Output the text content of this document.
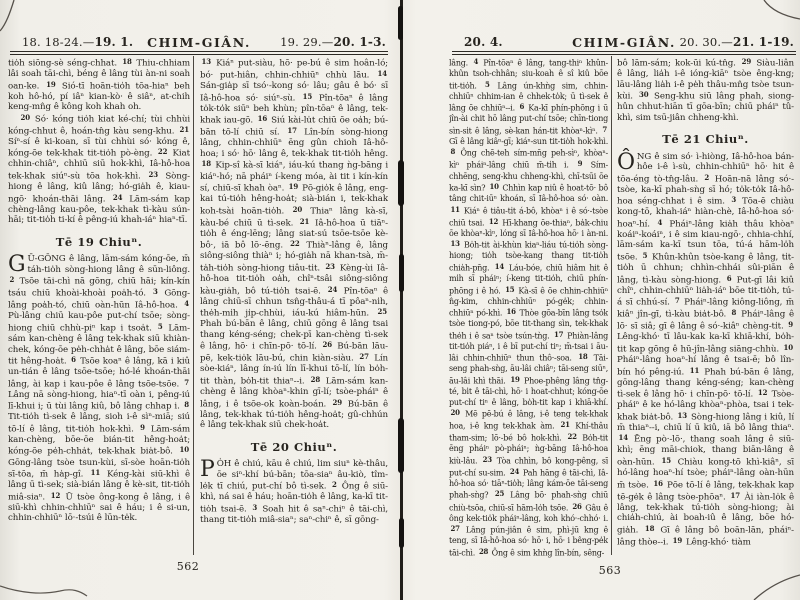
18. 18-24.—19. 1.	CHIM-GIÂN.	19. 29.—20. 1-3.	20. 4.	CHIM-GIÂN. 20. 30.—21. 1-19.

tio̍h siōng-sè séng-chhat. 18 Thiu-chhiam lâi soah tāi-chì, béng ê lâng tùi àn-ni soah oan-ke. 19 Sió-tī hoān-tio̍h tōa-hiaⁿ beh koh hô-hó, pí iâⁿ kian-kò· ê siâⁿ, at-chih keng-mn̂g ê kông koh khah oh.

20 Só· kóng tio̍h kiat ké-chí; tùi chhùi kóng-chhut ê, hoán-tn̂g kàu seng-khu. 21 Síⁿ-sí ê ki-koan, sī tùi chhùi só· kóng ê, kóng-ōe tek-khak tit-tio̍h pò-èng. 22 Kiat chhin-chiâⁿ, chhiū siū hok-khì, Iâ-hô-hoa tek-khak siúⁿ-sù tōa hok-khì. 23 Sòng-hiong ê lâng, kiû lâng; hó-gia̍h ê, kiau-ngō· khoán-thāi lâng. 24 Lām-sám kap chèng-lâng kau-pôe, tek-khak tì-kàu sún-hāi; tit-tio̍h ti-kí ê pêng-iú khah-iáⁿ hiaⁿ-tī.

Tē 19 Chiuⁿ.

G Ū-GŌNG ê lâng, lām-sám kóng-ōe, m̄ táh-tio̍h sòng-hiong lâng ê sūn-liông. 2 Tsōe tāi-chì nā gōng, chiū hāi; kín-kín tsáu chiū khoài-khoài poa̍h-tó. 3 Gōng-lâng poa̍h-tó, chiū oàn-hūn Iâ-hô-hoa. 4 Pù-lâng chiū kau-pôe put-chí tsōe; sòng-hiong chiū chhù-piⁿ kap i tsoa̍t. 5 Lām-sám kan-chèng ê lâng tek-khak siū khiàn-chek, kóng-ōe pe̍h-chha̍t ê lâng, bōe siám-tit hêng-hoa̍t. 6 Tsōe koaⁿ ê lâng, kā i kiû un-tián ê lâng tsōe-tsōe; hó-lé khoán-thāi lâng, ài kap i kau-pôe ê lâng tsōe-tsōe. 7 Lâng nā sòng-hiong, hiaⁿ-tī oàn i, pêng-iú lī-khui i; ū tùi lâng kiû, bô lâng chhap i. 8 Tit-tio̍h tì-sek ê lâng, sioh i-ê sìⁿ-miā; siú tō-lí ê lâng, tit-tio̍h hok-khì. 9 Lām-sám kan-chèng, bōe-ōe bián-tit hêng-hoa̍t; kóng-ōe pe̍h-chha̍t, tek-khak bia̍t-bô. 10 Gōng-lâng tsòe tsun-kùi, sī-sòe hoān-tio̍h sī-tōa, m̄ ha̍p-gî. 11 Kéng-kài siū-khì ê lâng ū tì-sek; sià-bián lâng ê kè-sit, tit-tio̍h miâ-siaⁿ. 12 Ū tsòe ông-kong ê lâng, i ê siū-khì chhin-chhiūⁿ sai ê háu; i ê si-un, chhin-chhiūⁿ lō·-tsúi ê lūn-te̍k.

13 Kiáⁿ put-siàu, hō· pe-bú ê sim hoân-ló; bó· put-hiân, chhin-chhiūⁿ chhù lāu. 14 Sán-gia̍p sī tsó·-kong só· lâu; gâu ê bó· sī Iâ-hô-hoa só· siúⁿ-sù. 15 Pîn-tōaⁿ ê lâng to̍k-to̍k siūⁿ beh khùn; pîn-tōaⁿ ê lâng, tek-khak iau-gō. 16 Siú kài-lu̍t chiū ōe oa̍h; bú-bān tō-lí chiū sí. 17 Lîn-bín sòng-hiong lâng, chhin-chhiūⁿ ēng gûn chioh Iâ-hô-hoa; i só· hō· lâng ê, tek-khak tit-tio̍h hêng. 18 Kip-sî kà-sī kiáⁿ, iáu-kú thang ǹg-bāng i kiáⁿ-hó; nā pháiⁿ í-keng móa, ài tit i kín-kín sí, chiū-sī khah òaⁿ. 19 Pō-gio̍k ê lâng, eng-kai tú-tio̍h hêng-hoa̍t; sià-bián i, tek-khak koh-tsài hoān-tio̍h. 20 Thiaⁿ lâng kà-sī, kàu-bé chiū ū tì-sek. 21 Iâ-hô-hoa ū tiāⁿ-tio̍h ê éng-lēng; lâng siat-sú tsōe-tsōe kè-bô·, iā bô lō·-ēng. 22 Thiàⁿ-lâng ê, lâng siông-siông thiàⁿ i; hó-gia̍h nā khan-tsà, m̄-ta̍h-tio̍h sòng-hiong tiâu-ti̍t. 23 Kèng-ùi Iâ-hô-hoa tit-tio̍h oa̍h, chîⁿ-tsâi siông-siông kàu-gia̍h, bô tú-tio̍h tsai-ē. 24 Pîn-tōaⁿ ê lâng chiū-sī chhun tsn̂g-thâu-á tī pôaⁿ-ni̍h, the̍h-mi̍h ji̍p-chhùi, iáu-kú hiâm-hūn. 25 Phah bú-bān ê lâng, chiū gōng ê lâng tsai thang kéng-séng; chek-pī kan-chèng tì-sek ê lâng, hō· i chīn-pō· tō-lí. 26 Bú-bān lāu-pē, kek-tio̍k lāu-bú, chin kiàn-siàu. 27 Lín sòe-kiáⁿ, lâng ín-iú lín lī-khui tō-lí, lín bo̍h-tit thàn, bo̍h-tit thiaⁿ--i. 28 Lām-sám kan-chèng ê lâng khòaⁿ-khin gī-lí; tsòe-pháiⁿ ê lâng, i ê tsōe-ok koàn-boán. 29 Bú-bān ê lâng, tek-khak tú-tio̍h hêng-hoa̍t; gû-chhún ê lâng tek-khak siū chek-hoa̍t.

Tē 20 Chiuⁿ.

PO̍H ê chiú, kāu ê chiú, lim siuⁿ kè-thâu, ōe siⁿ-khí bú-bān; tōa-siaⁿ âu-kiò, tîm-le̍k tī chiú, put-chí bô tì-sek. 2 Ông ê siū-khì, ná sai ê háu; hoān-tio̍h ê lâng, ka-kī tit-tio̍h tsai-ē. 3 Soah hit ê saⁿ-chiⁿ ê tāi-chì, thang tit-tio̍h miâ-siaⁿ; saⁿ-chiⁿ ê, sī gōng-

lâng. 4 Pîn-tōaⁿ ê lâng, tang-thiⁿ khûn-khûn tsoh-chhân; siu-koah ê sî kiû bōe tit-tio̍h. 5 Lâng ún-khǹg sim, chhin-chhiūⁿ chhim-ian ê chhek-to̍k; ū tì-sek ê lâng ōe chhiūⁿ--i. 6 Ka-kī phín-phōng i ū jîn-ài chit hō lâng put-chí tsōe; chīn-tiong sìn-si̍t ê lâng, sè-kan hán-tit khòaⁿ-kìⁿ. 7 Gī ê lâng kiâⁿ-gī; kiáⁿ-sun tit-tio̍h hok-khì. 8 Ông chē-teh sím-mn̄g peh-sìⁿ, khòaⁿ-kìⁿ pháiⁿ-lâng chiū m̄-ti̍h i. 9 Sím-chhēng, seng-khu chheng-khì, chī-tsūi ōe ka-kī sìn? 10 Chhìn kap niû ê hoat-tō· bô tâng chit-iūⁿ khoán, sī Iâ-hô-hoa só· oàn. 11 Kiáⁿ ê tiâu-ti̍t á-bô, khòaⁿ i ê só·-tsòe chiū tsai. 12 Hī-khang ōe-thiaⁿ, ba̍k-chiu ōe khòaⁿ-kìⁿ, lóng sī Iâ-hô-hoa hō· i àn-ni. 13 Bo̍h-tit ài-khùn kiaⁿ-liáu tú-tio̍h sòng-hiong; tio̍h tsòe-kang thang tit-tio̍h chia̍h-pn̄g. 14 Láu-bóe, chiū hiâm hit ê mi̍h sī pháiⁿ; í-keng tit-tio̍h, chiū phín-phōng i ê hó. 15 Kà-sī ê ōe chhin-chhiūⁿ n̂g-kim, chhin-chhiūⁿ pó-ge̍k; chhin-chhiūⁿ pó-khì. 16 Thòe gōa-bīn lâng tso̍k tsòe tiong-pó, bōe tit-thang sìn, tek-khak the̍h i ê saⁿ tsòe tsún-tǹg. 17 Phiàn-lâng tit-tio̍h piáⁿ, i ê bī put-chí tiⁿ; m̄-tsai i āu-lâi chhin-chhiūⁿ thun thô·-soa. 18 Tāi-seng phah-sǹg, āu-lâi chiâⁿ; tāi-seng siūⁿ, āu-lâi khì thāi. 19 Phoe-phêng lâng tn̂g-té, bi̍t ê tāi-chì, hō· i hoat-chhut; kóng-ōe put-chí tiⁿ ê lâng, bo̍h-tit kap i khiā-khí. 20 Mē pē-bú ê lâng, i-ê teng tek-khak hoa, i-ê kng tek-khak àm. 21 Khí-thâu tham-sim; lō·-bé bô hok-khì. 22 Bo̍h-tit ēng pháiⁿ pò-pháiⁿ; ǹg-bāng Iâ-hô-hoa kiù-lâu. 23 Tòa chhìn, bô kong-pêng, sī put-chí su-sim. 24 Pah hāng ê tāi-chì, Iâ-hô-hoa só· tiāⁿ-tio̍h; lâng kám-ōe tāi-seng phah-sǹg? 25 Lâng bō· phah-sǹg chiū chiù-tsōa, chiū-sī hām-lo̍h tsōe. 26 Gâu ê ông kek-tio̍k pháiⁿ-lâng, koh khó·-chhó· i. 27 Lâng pún-jiân ê sim, phì-jū kng ê teng, sī Iâ-hô-hoa só· hō· i, hō· i bêng-pe̍k tāi-chì. 28 Ông ê sim khǹg lîn-bín, sêng-

bô lām-sám; kok-ūi kú-tn̂g. 29 Siàu-liân ê lâng, lia̍h i-ê ióng-kiāⁿ tsòe êng-kng; lāu-lâng lia̍h i-ê pe̍h thâu-mn̂g tsòe tsun-kùi. 30 Seng-khu siū lâng phah, siong-hûn chhut-hiān tī gōa-bīn; chiū pháiⁿ tû-khì, sim tsū-jiân chheng-khì.

Tē 21 Chiuⁿ.

ÔNG ê sim só· ì-hiòng, Iâ-hô-hoa bán-hôe i-ê ì-sù, chhin-chhiūⁿ hō· hit ê tōa-éng tò-tn̂g-lâu. 2 Hoān-nā lâng só·-tsòe, ka-kī phah-sǹg sī hó; to̍k-to̍k Iâ-hô-hoa séng-chhat i ê sim. 3 Tōa-ē chiàu kong-tō, khah-iáⁿ hiàn-chè, Iâ-hô-hoa só· hoaⁿ-hí. 4 Pháiⁿ-lâng kia̍h thâu khòaⁿ koáiⁿ-koáiⁿ, i ê sim kiau-ngō·, chhia-chhí, lām-sám ka-kī tsun tōa, tú-á hām-lo̍h tsōe. 5 Khûn-khûn tsòe-kang ê lâng, ti̍t-tio̍h ū chhun; chhìn-chhái sûi-piān ê lâng, tì-kàu sòng-hiong. 6 Put-gī lâi kiû chîⁿ, chhin-chhiūⁿ lia̍h-iáⁿ bōe tit-tio̍h, tú-á sī chhú-sí. 7 Pháiⁿ-lâng kiông-liông, m̄ kiâⁿ jîn-gī, tì-kàu bia̍t-bô. 8 Pháiⁿ-lâng ê lō· sī siâ; gī ê lâng ê só·-kiâⁿ chèng-ti̍t. 9 Lêng-khó· tī lâu-kak ka-kī khiā-khí, bo̍h-tit kap gōng ê hū-jîn-lâng siāng-chhù. 10 Pháiⁿ-lâng hoaⁿ-hí lâng ê tsai-ē; bô lîn-bín hó pêng-iú. 11 Phah bú-bān ê lâng, gōng-lâng thang kéng-séng; kan-chèng tì-sek ê lâng hō· i chīn-pō· tō-lí. 12 Tsòe-pháiⁿ ê ke hó-lâng khòaⁿ-phòa, tsai i tek-khak bia̍t-bô. 13 Sòng-hiong lâng i kiû, lí m̄ thiaⁿ--i, chiū lí ū kiû, iā bô lâng thiaⁿ. 14 Ēng pò·-lō·, thang soah lâng ê siū-khì; ēng māi-chiok, thang biān-lâng ê oàn-hūn. 15 Chiàu kong-tō khì-kiâⁿ, sī hó-lâng hoaⁿ-hí tsòe; pháiⁿ-lâng oàn-hūn m̄ tsòe. 16 Pōe tō-lí ê lâng, tek-khak kap tē-ge̍k ê lâng tsòe-phōaⁿ. 17 Ài iàn-lo̍k ê lâng, tek-khak tú-tio̍h sòng-hiong; ài chia̍h-chiú, ài boah-iû ê lâng, bōe hó-gia̍h. 18 Gī ê lâng bô boān-lān, pháiⁿ-lâng thòe--i. 19 Lêng-khó· tiàm

562	563
